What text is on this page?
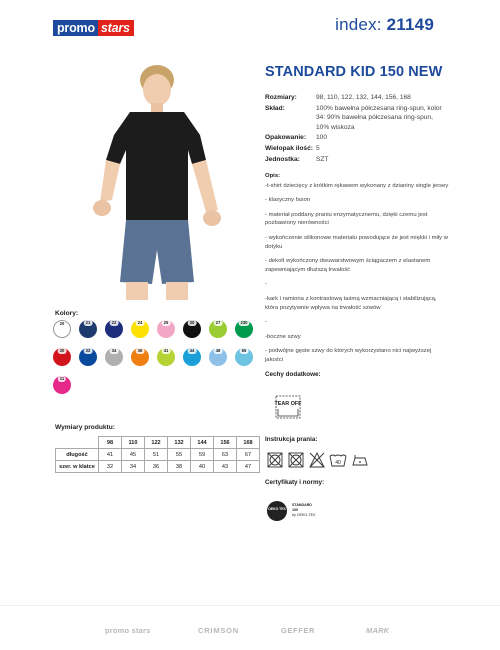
promo stars	index: 21149
STANDARD KID 150 NEW
Rozmiary:	98, 110, 122, 132, 144, 156, 168
Skład:	100% bawełna półczesana ring-spun, kolor 34: 90% bawełna półczesana ring-spun, 10% wiskoza
Opakowanie:	100
Wielopak ilość: 5
Jednostka:	SZT

Opis:

-t-shirt dziecięcy z krótkim rękawem wykonany z dzianiny single jersey

- klasyczny fason

- materiał poddany praniu enzymatycznemu, dzięki czemu jest pozbawiony nierówności

- wykończenie silikonowe materiału powodujące że jest miękki i miły w dotyku

- dekolt wykończony dwuwarstwowym ściągaczem z elastanem zapewniającym dłuższą trwałość

-

-kark i ramiona z kontrastową taśmą wzmacniającą i stabilizującą, która pozytywnie wpływa na trwałość szwów

-

-boczne szwy

- podwójne gęste szwy do których wykorzystano nici najwyższej jakości

Cechy dodatkowe:
TEAR OFF
Instrukcja prania:
40
Certyfikaty i normy:
OEKO TEX
STANDARD
100
by OEKO-TEX
Kolory:
20	21	22	24	25	30	27	230
30	32	34	36	41	44	48	65
11
Wymiary produktu:
	98	110	122	132	144	156	168
długość	41	45	51	55	59	63	67
szer. w klatce	32	34	36	38	40	43	47
promo stars	CRIMSON	GEFFER	MARK
